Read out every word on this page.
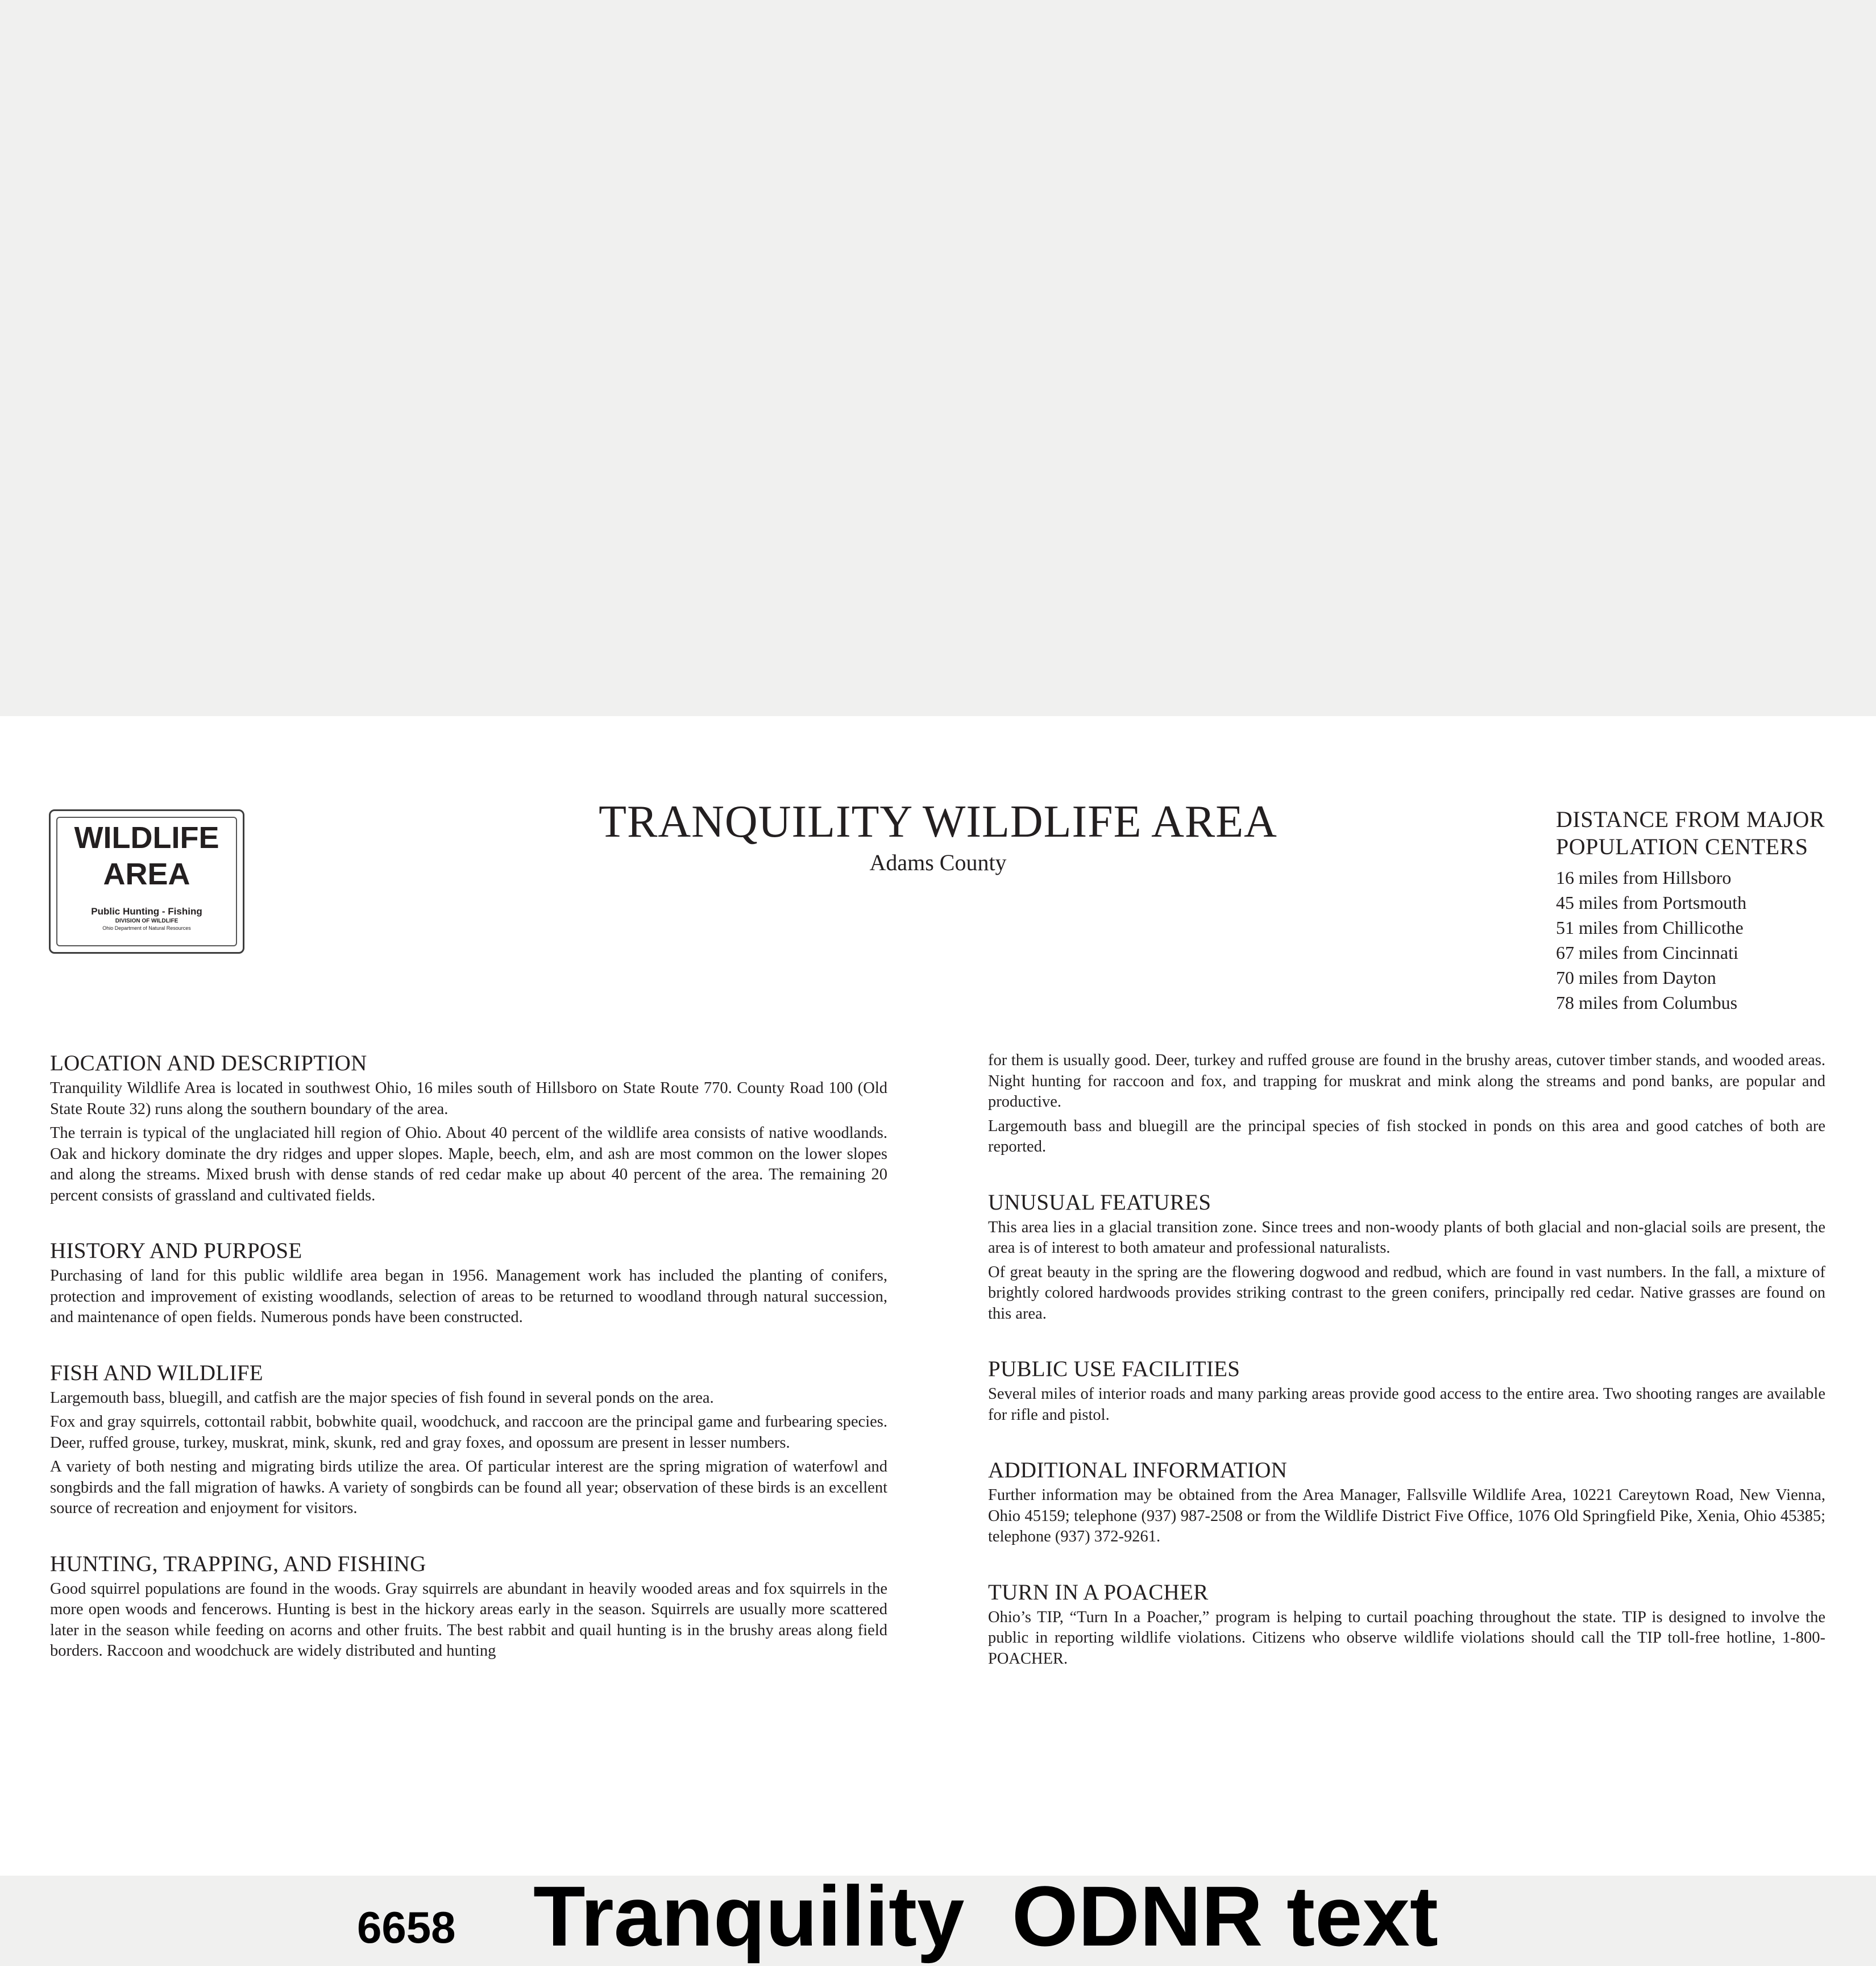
WILDLIFE
AREA
Public Hunting - Fishing
DIVISION OF WILDLIFE
Ohio Department of Natural Resources
TRANQUILITY WILDLIFE AREA
Adams County
DISTANCE FROM MAJOR
POPULATION CENTERS
16 miles from Hillsboro
45 miles from Portsmouth
51 miles from Chillicothe
67 miles from Cincinnati
70 miles from Dayton
78 miles from Columbus
LOCATION AND DESCRIPTION

Tranquility Wildlife Area is located in southwest Ohio, 16 miles south of Hillsboro on State Route 770. County Road 100 (Old State Route 32) runs along the southern boundary of the area.

The terrain is typical of the unglaciated hill region of Ohio. About 40 percent of the wildlife area consists of native woodlands. Oak and hickory dominate the dry ridges and upper slopes. Maple, beech, elm, and ash are most common on the lower slopes and along the streams. Mixed brush with dense stands of red cedar make up about 40 percent of the area. The remaining 20 percent consists of grassland and cultivated fields.

HISTORY AND PURPOSE

Purchasing of land for this public wildlife area began in 1956. Management work has included the planting of conifers, protection and improvement of existing woodlands, selection of areas to be returned to woodland through natural succession, and maintenance of open fields. Numerous ponds have been constructed.

FISH AND WILDLIFE

Largemouth bass, bluegill, and catfish are the major species of fish found in several ponds on the area.

Fox and gray squirrels, cottontail rabbit, bobwhite quail, woodchuck, and raccoon are the principal game and furbearing species. Deer, ruffed grouse, turkey, muskrat, mink, skunk, red and gray foxes, and opossum are present in lesser numbers.

A variety of both nesting and migrating birds utilize the area. Of particular interest are the spring migration of waterfowl and songbirds and the fall migration of hawks. A variety of songbirds can be found all year; observation of these birds is an excellent source of recreation and enjoyment for visitors.

HUNTING, TRAPPING, AND FISHING

Good squirrel populations are found in the woods. Gray squirrels are abundant in heavily wooded areas and fox squirrels in the more open woods and fencerows. Hunting is best in the hickory areas early in the season. Squirrels are usually more scattered later in the season while feeding on acorns and other fruits. The best rabbit and quail hunting is in the brushy areas along field borders. Raccoon and woodchuck are widely distributed and hunting

for them is usually good. Deer, turkey and ruffed grouse are found in the brushy areas, cutover timber stands, and wooded areas. Night hunting for raccoon and fox, and trapping for muskrat and mink along the streams and pond banks, are popular and productive.

Largemouth bass and bluegill are the principal species of fish stocked in ponds on this area and good catches of both are reported.

UNUSUAL FEATURES

This area lies in a glacial transition zone. Since trees and non-woody plants of both glacial and non-glacial soils are present, the area is of interest to both amateur and professional naturalists.

Of great beauty in the spring are the flowering dogwood and redbud, which are found in vast numbers. In the fall, a mixture of brightly colored hardwoods provides striking contrast to the green conifers, principally red cedar. Native grasses are found on this area.

PUBLIC USE FACILITIES

Several miles of interior roads and many parking areas provide good access to the entire area. Two shooting ranges are available for rifle and pistol.

ADDITIONAL INFORMATION

Further information may be obtained from the Area Manager, Fallsville Wildlife Area, 10221 Careytown Road, New Vienna, Ohio 45159; telephone (937) 987-2508 or from the Wildlife District Five Office, 1076 Old Springfield Pike, Xenia, Ohio 45385; telephone (937) 372-9261.

TURN IN A POACHER

Ohio’s TIP, “Turn In a Poacher,” program is helping to curtail poaching throughout the state. TIP is designed to involve the public in reporting wildlife violations. Citizens who observe wildlife violations should call the TIP toll-free hotline, 1-800-POACHER.

6658 Tranquility  ODNR text
